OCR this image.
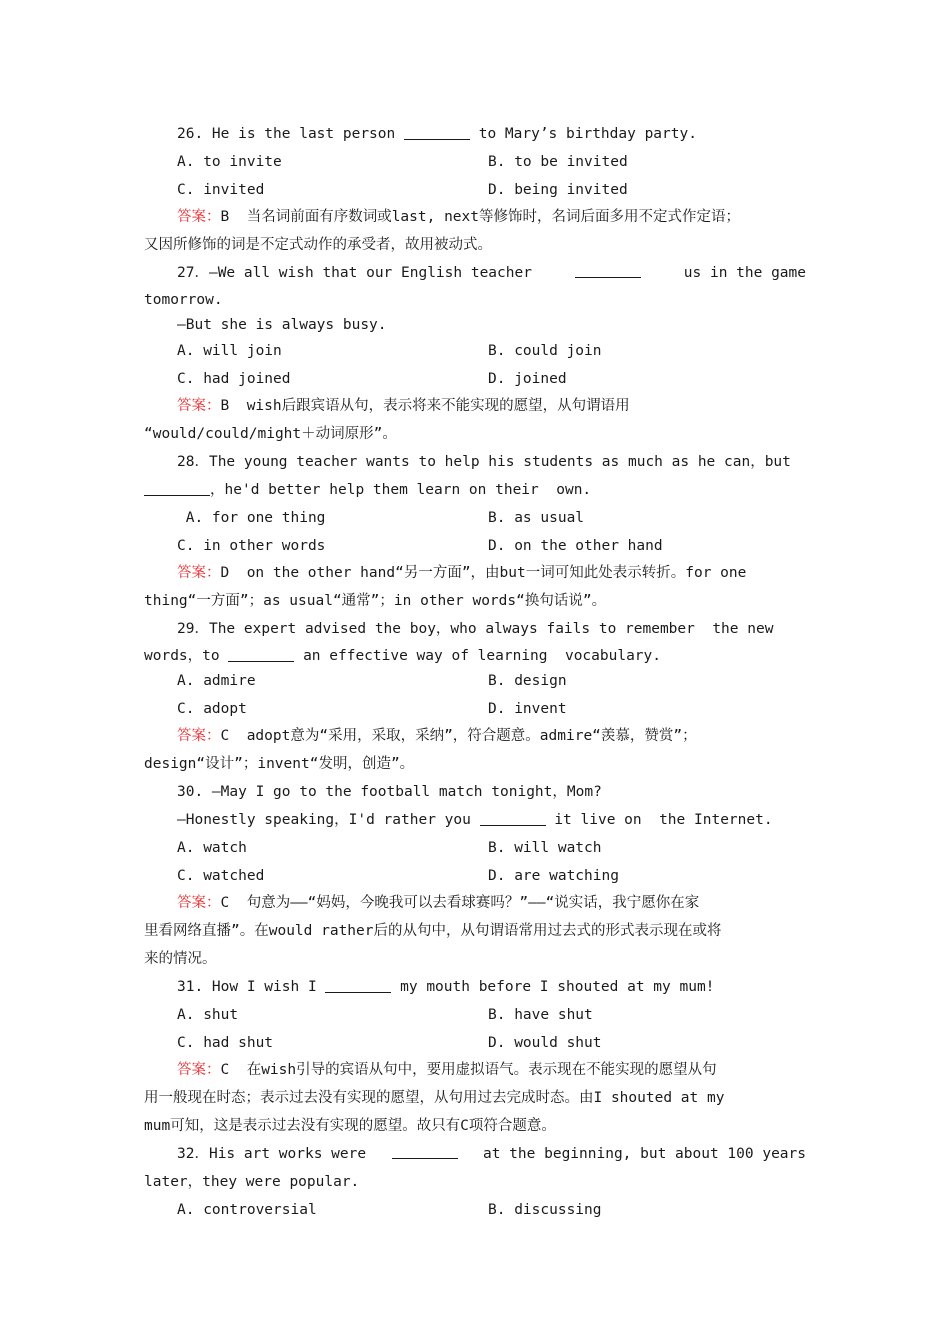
26. He is the last person	to Mary’s birthday party.
A. to invite	B. to be invited
C. invited	D. being invited
答案：B  当名词前面有序数词或last, next等修饰时，名词后面多用不定式作定语；
又因所修饰的词是不定式动作的承受者，故用被动式。
27．—We all wish that our English teacher	us in the game
tomorrow.
—But she is always busy.
A. will join	B. could join
C. had joined	D. joined
答案：B  wish后跟宾语从句，表示将来不能实现的愿望，从句谓语用
“would/could/might＋动词原形”。
28．The young teacher wants to help his students as much as he can，but
，he'd better help them learn on their  own.
A. for one thing	B. as usual
C. in other words	D. on the other hand
答案：D  on the other hand“另一方面”，由but一词可知此处表示转折。for one
thing“一方面”；as usual“通常”；in other words“换句话说”。
29．The expert advised the boy，who always fails to remember  the new
words，to	an effective way of learning  vocabulary.
A. admire	B. design
C. adopt	D. invent
答案：C  adopt意为“采用，采取，采纳”，符合题意。admire“羡慕，赞赏”；
design“设计”；invent“发明，创造”。
30. —May I go to the football match tonight，Mom?
—Honestly speaking，I'd rather you	it live on  the Internet.
A. watch	B. will watch
C. watched	D. are watching
答案：C  句意为——“妈妈，今晚我可以去看球赛吗？”——“说实话，我宁愿你在家
里看网络直播”。在would rather后的从句中，从句谓语常用过去式的形式表示现在或将
来的情况。
31. How I wish I	my mouth before I shouted at my mum!
A. shut	B. have shut
C. had shut	D. would shut
答案：C  在wish引导的宾语从句中，要用虚拟语气。表示现在不能实现的愿望从句
用一般现在时态；表示过去没有实现的愿望，从句用过去完成时态。由I shouted at my
mum可知，这是表示过去没有实现的愿望。故只有C项符合题意。
32．His art works were	at the beginning, but about 100 years
later，they were popular.
A. controversial	B. discussing
